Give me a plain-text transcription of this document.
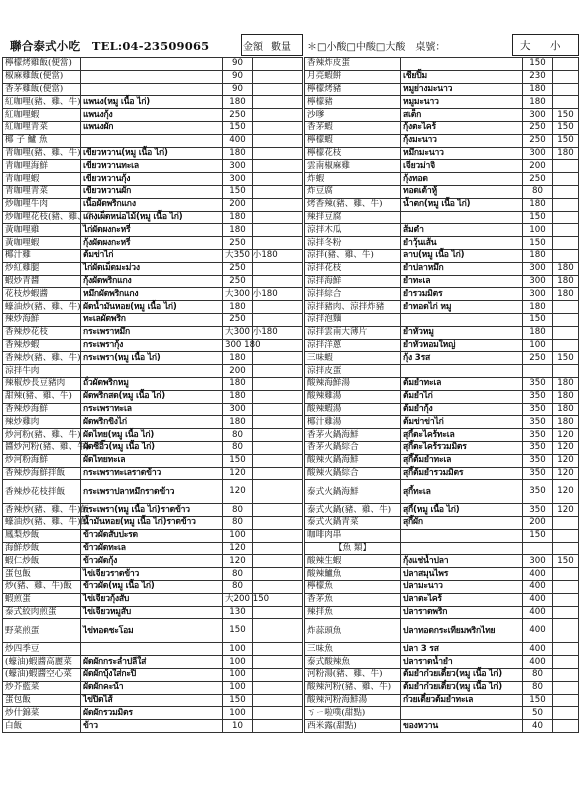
聯合泰式小吃　TEL:04-23509065	金額 數量 ＊□小酸□中酸□大酸　桌號：	大 小
檸檬烤雞飯(便當)		90	
椒麻雞飯(便當)		90	
香茅雞飯(便當)		90	
紅咖哩(豬、雞、牛)	แพนง(หมู เนื้อ ไก่)	180	
紅咖哩蝦	แพนงกุ้ง	250	
紅咖哩青菜	แพนงผัก	150	
椰 子 鱸 魚		400	
青咖哩(豬、雞、牛)	เขียวหวาน(หมู เนื้อ ไก่)	180	
青咖哩海鮮	เขียวหวานทะเล	300	
青咖哩蝦	เขียวหวานกุ้ง	300	
青咖哩青菜	เขียวหวานผัก	150	
炒咖哩牛肉	เนื้อผัดพริกแกง	200	
炒咖哩花枝(豬、雞、牛)	แกงเผ็ดหน่อไม้(หมู เนื้อ ไก่)	180	
黃咖哩雞	ไก่ผัดผงกะหรี่	180	
黃咖哩蝦	กุ้งผัดผงกะหรี่	250	
椰汁雞	ต้มข่าไก่	大350 小180	
炒紅雞腿	ไก่ผัดเม็ดมะม่วง	250	
蝦炒青醬	กุ้งผัดพริกแกง	250	
花枝炒蝦醬	หมึกผัดพริกแกง	大300 小180	
蠔油炒(豬、雞、牛)	ผัดน้ำมันหอย(หมู เนื้อ ไก่)	180	
辣炒海鮮	ทะเลผัดพริก	250	
香辣炒花枝	กระเพราหมึก	大300 小180	
香辣炒蝦	กระเพรากุ้ง	300 180	
香辣炒(豬、雞、牛)	กระเพรา(หมู เนื้อ ไก่)	180	
涼拌牛肉		200	
辣椒炒長豆豬肉	ถั่วผัดพริกหมู	180	
甜辣(豬、雞、牛)	ผัดพริกสด(หมู เนื้อ ไก่)	180	
香辣炒海鮮	กระเพราทะเล	300	
辣炒雞肉	ผัดพริกขิงไก่	180	
炒河粉(豬、雞、牛)	ผัดไทย(หมู เนื้อ ไก่)	80	
醬炒河粉(豬、雞、牛)	ผัดซีอิ๊ว(หมู เนื้อ ไก่)	80	
炒河粉海鮮	ผัดไทยทะเล	150	
香辣炒海鮮拌飯	กระเพราทะเลราดข้าว	120	
香辣炒花枝拌飯	กระเพราปลาหมึกราดข้าว	120	
香辣炒(豬、雞、牛)飯	กระเพรา(หมู เนื้อ ไก่)ราดข้าว	80	
蠔油炒(豬、雞、牛)飯	น้ำมันหอย(หมู เนื้อ ไก่)ราดข้าว	80	
鳳梨炒飯	ข้าวผัดสับปะรด	100	
海鮮炒飯	ข้าวผัดทะเล	120	
蝦仁炒飯	ข้าวผัดกุ้ง	120	
蛋包飯	ไข่เจียวราดข้าว	80	
炒(豬、雞、牛)飯	ข้าวผัด(หมู เนื้อ ไก่)	80	
蝦煎蛋	ไข่เจียวกุ้งสับ	大200 150	
泰式絞肉煎蛋	ไข่เจียวหมูสับ	130	
野菜煎蛋	ไข่ทอดชะโอม	150	
炒四季豆		100	
(蠔油)蝦醬高麗菜	ผัดผักกระล่ำปลีใส่	100	
(蠔油)蝦醬空心菜	ผัดผักบุ้งใส่กะปิ	100	
炒芥藍菜	ผัดผักคะน้า	100	
蛋包飯	ไข่ปิดไส้	150	
炒什錦菜	ผัดผักรวมมิตร	100	
白飯	ข้าว	10	
香辣炸皮蛋		150	
月亮蝦餅	เชียปิ้ม	230	
檸檬烤豬	หมูย่างมะนาว	180	
檸檬豬	หมูมะนาว	180	
沙嗲	สเต็ก	300	150
香茅蝦	กุ้งตะไคร้	250	150
檸檬蝦	กุ้งมะนาว	250	150
檸檬花枝	หมึกมะนาว	300	180
雲南椒麻雞	เจียวม่าจิ	200	
炸蝦	กุ้งทอด	250	
炸豆腐	ทอดเต้าหู้	80	
烤香辣(豬、雞、牛)	น้ำตก(หมู เนื้อ ไก่)	180	
辣拌豆腐		150	
涼拌木瓜	ส้มตำ	100	
涼拌冬粉	ยำวุ้นเส้น	150	
涼拌(豬、雞、牛)	ลาบ(หมู เนื้อ ไก่)	180	
涼拌花枝	ยำปลาหมึก	300	180
涼拌海鮮	ยำทะเล	300	180
涼拌綜合	ยำรวมมิตร	300	180
涼拌豬肉、涼拌炸豬	ยำทอดไก่ หมู	180	
涼拌泡麵		150	
涼拌雲南大薄片	ยำหัวหมู	180	
涼拌洋蔥	ยำหัวหอมใหญ่	100	
三味蝦	กุ้ง 3รส	250	150
涼拌皮蛋			
酸辣海鮮湯	ต้มยำทะเล	350	180
酸辣雞湯	ต้มยำไก่	350	180
酸辣蝦湯	ต้มยำกุ้ง	350	180
椰汁雞湯	ต้มข่าข่าไก่	350	180
香茅火鍋海鮮	สุกี้ตะไคร้ทะเล	350	120
香茅火鍋綜合	สุกี้ตะไคร้รวมมิตร	350	120
酸辣火鍋海鮮	สุกี้ต้มยำทะเล	350	120
酸辣火鍋綜合	สุกี้ต้มยำรวมมิตร	350	120
泰式火鍋海鮮	สุกี้ทะเล	350	120
泰式火鍋(豬、雞、牛)	สุกี้(หมู เนื้อ ไก่)	350	120
泰式火鍋青菜	สุกี้ผัก	200	
咖啡肉串		150	
【魚 類】			
酸辣生蝦	กุ้งแช่น้ำปลา	300	150
酸辣鱸魚	ปลาสมุนไพร	400	
檸檬魚	ปลามะนาว	400	
香茅魚	ปลาตะไคร้	400	
辣拌魚	ปลาราดพริก	400	
炸蒜頭魚	ปลาทอดกระเทียมพริกไทย	400	
三味魚	ปลา 3 รส	400	
泰式酸辣魚	ปลาราดน้ำยำ	400	
河粉湯(豬、雞、牛)	ต้มยำก๋วยเตี๋ยว(หมู เนื้อ ไก่)	80	
酸辣河粉(豬、雞、牛)	ต้มยำก๋วยเตี๋ยว(หมู เนื้อ ไก่)	80	
酸辣河粉海鮮湯	ก๋วยเตี๋ยวต้มยำทะเล	150	
ㄎㄧ啦噗(甜點)		50	
西米露(甜點)	ของหวาน	40	
